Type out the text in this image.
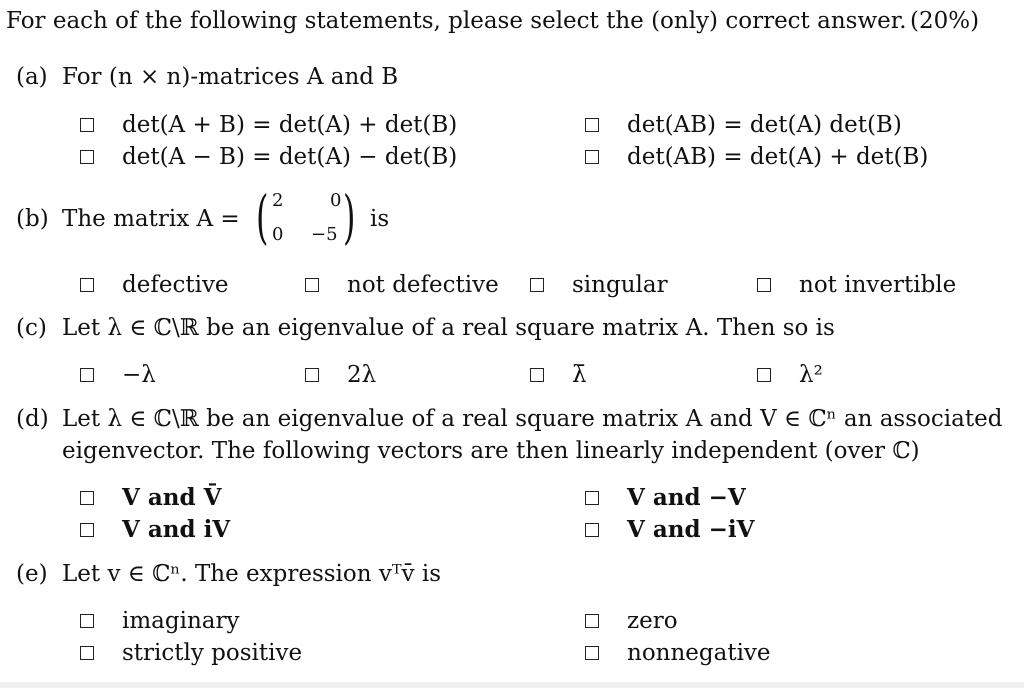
For each of the following statements, please select the (only) correct answer. (20%)
(a) For (n × n)-matrices A and B
det(A + B) = det(A) + det(B)	det(AB) = det(A) det(B)
det(A − B) = det(A) − det(B)	det(AB) = det(A) + det(B)
(b) The matrix A = ( 2	0
0 −5 ) is
defective	not defective	singular	not invertible
(c) Let λ ∈ ℂ\ℝ be an eigenvalue of a real square matrix A. Then so is
−λ	2λ	λ̄	λ²
(d) Let λ ∈ ℂ\ℝ be an eigenvalue of a real square matrix A and V ∈ ℂⁿ an associated
eigenvector. The following vectors are then linearly independent (over ℂ)
V and V̄	V and −V
V and iV	V and −iV
(e) Let v ∈ ℂⁿ. The expression vᵀv̄ is
imaginary	zero
strictly positive	nonnegative
